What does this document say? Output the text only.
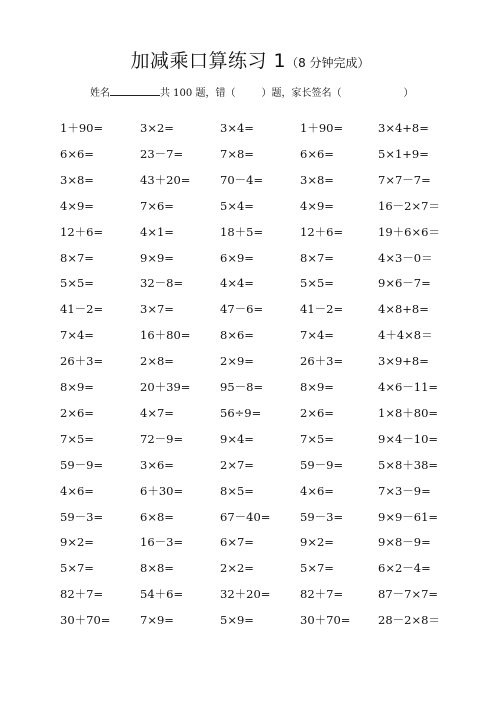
加减乘口算练习 1（8 分钟完成）
姓名	共 100 题，错（	）题，家长签名（	）
1＋90=	3×2=	3×4=	1＋90=	3×4+8=
6×6=	23－7=	7×8=	6×6=	5×1+9=
3×8=	43＋20=	70－4=	3×8=	7×7－7=
4×9=	7×6=	5×4=	4×9=	16－2×7＝
12＋6=	4×1=	18＋5=	12＋6=	19＋6×6＝
8×7=	9×9=	6×9=	8×7=	4×3－0＝
5×5=	32－8=	4×4=	5×5=	9×6－7=
41－2=	3×7=	47－6=	41－2=	4×8+8=
7×4=	16＋80=	8×6=	7×4=	4＋4×8＝
26＋3=	2×8=	2×9=	26＋3=	3×9+8=
8×9=	20＋39=	95－8=	8×9=	4×6－11=
2×6=	4×7=	56÷9=	2×6=	1×8＋80=
7×5=	72－9=	9×4=	7×5=	9×4－10=
59－9=	3×6=	2×7=	59－9=	5×8＋38=
4×6=	6＋30=	8×5=	4×6=	7×3－9=
59－3=	6×8=	67－40=	59－3=	9×9－61=
9×2=	16－3=	6×7=	9×2=	9×8－9=
5×7=	8×8=	2×2=	5×7=	6×2－4=
82＋7=	54＋6=	32＋20=	82＋7=	87－7×7=
30＋70=	7×9=	5×9=	30＋70= 28－2×8＝
